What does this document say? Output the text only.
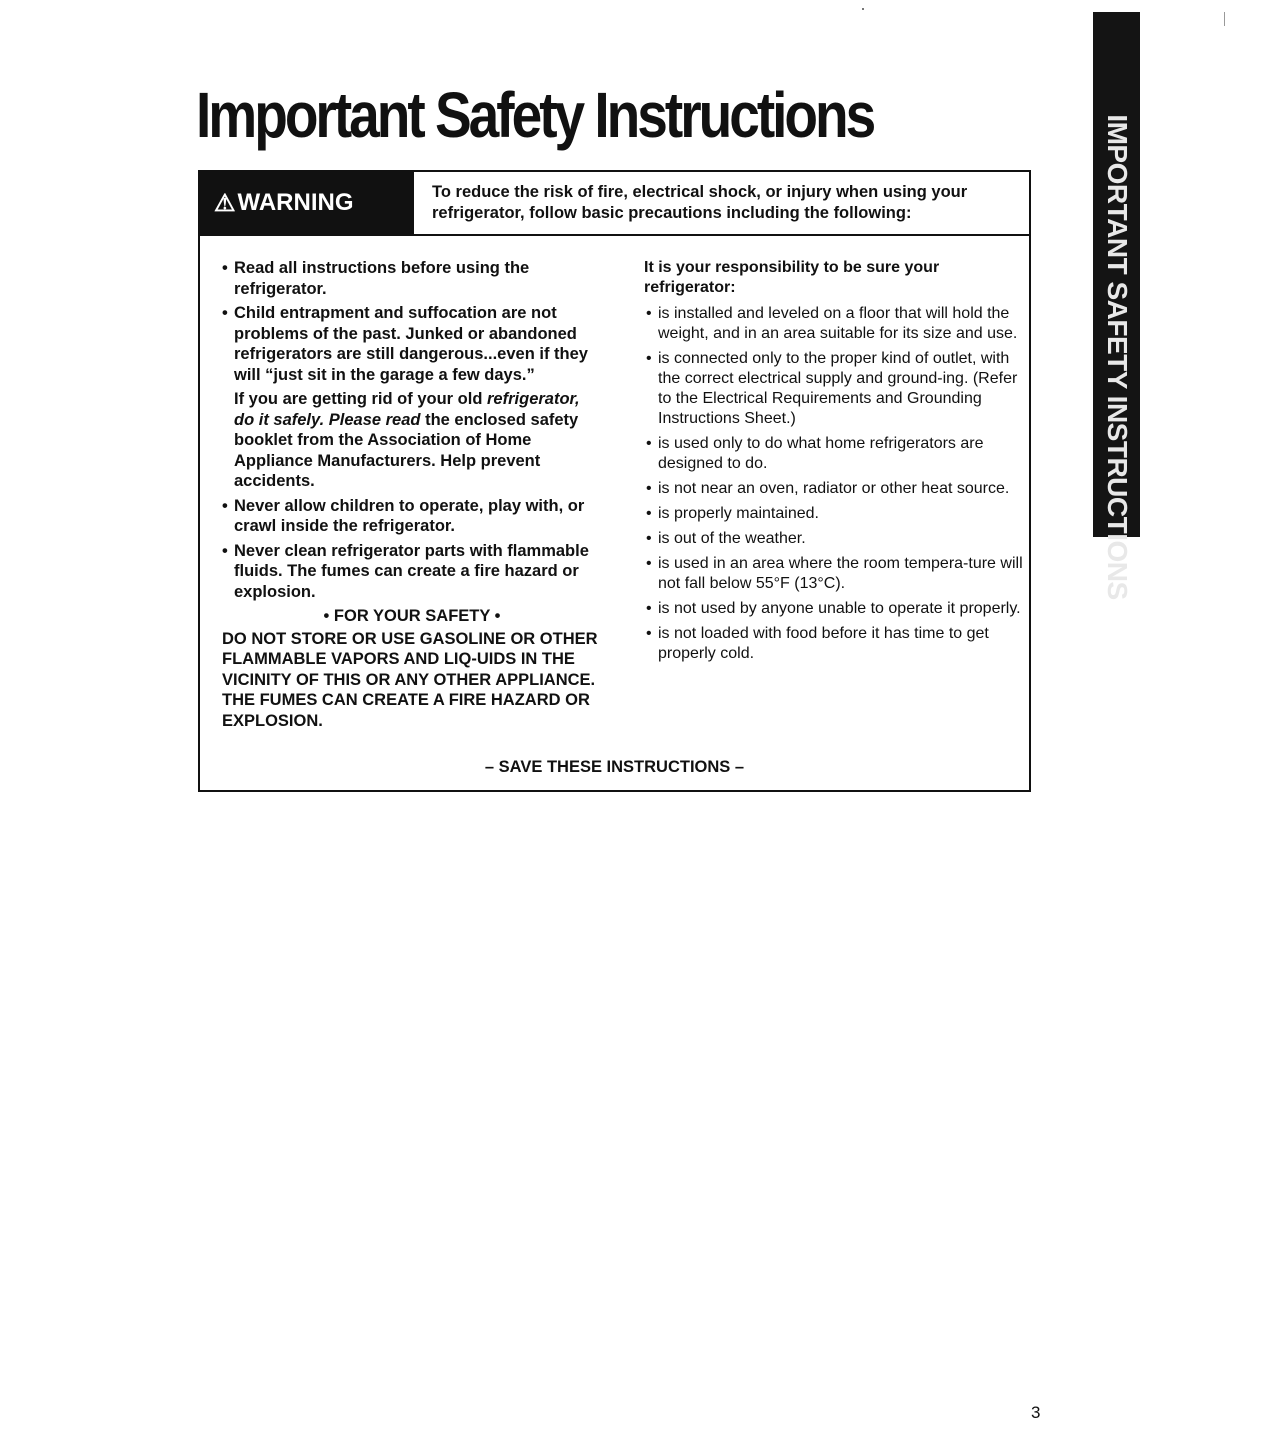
Important Safety Instructions	IMPORTANT SAFETY INSTRUCTIONS
⚠ WARNING	To reduce the risk of fire, electrical shock, or injury when using your refrigerator, follow basic precautions including the following:
• Read all instructions before using the refrigerator.
• Child entrapment and suffocation are not problems of the past. Junked or abandoned refrigerators are still dangerous...even if they will “just sit in the garage a few days.”
If you are getting rid of your old refrigerator, do it safely. Please read the enclosed safety booklet from the Association of Home Appliance Manufacturers. Help prevent accidents.
• Never allow children to operate, play with, or crawl inside the refrigerator.
• Never clean refrigerator parts with flammable fluids. The fumes can create a fire hazard or explosion.
• FOR YOUR SAFETY •
DO NOT STORE OR USE GASOLINE OR OTHER FLAMMABLE VAPORS AND LIQ-UIDS IN THE VICINITY OF THIS OR ANY OTHER APPLIANCE. THE FUMES CAN CREATE A FIRE HAZARD OR EXPLOSION.
It is your responsibility to be sure your refrigerator:
• is installed and leveled on a floor that will hold the weight, and in an area suitable for its size and use.
• is connected only to the proper kind of outlet, with the correct electrical supply and ground-ing. (Refer to the Electrical Requirements and Grounding Instructions Sheet.)
• is used only to do what home refrigerators are designed to do.
• is not near an oven, radiator or other heat source.
• is properly maintained.
• is out of the weather.
• is used in an area where the room tempera-ture will not fall below 55°F (13°C).
• is not used by anyone unable to operate it properly.
• is not loaded with food before it has time to get properly cold.
– SAVE THESE INSTRUCTIONS –
3
